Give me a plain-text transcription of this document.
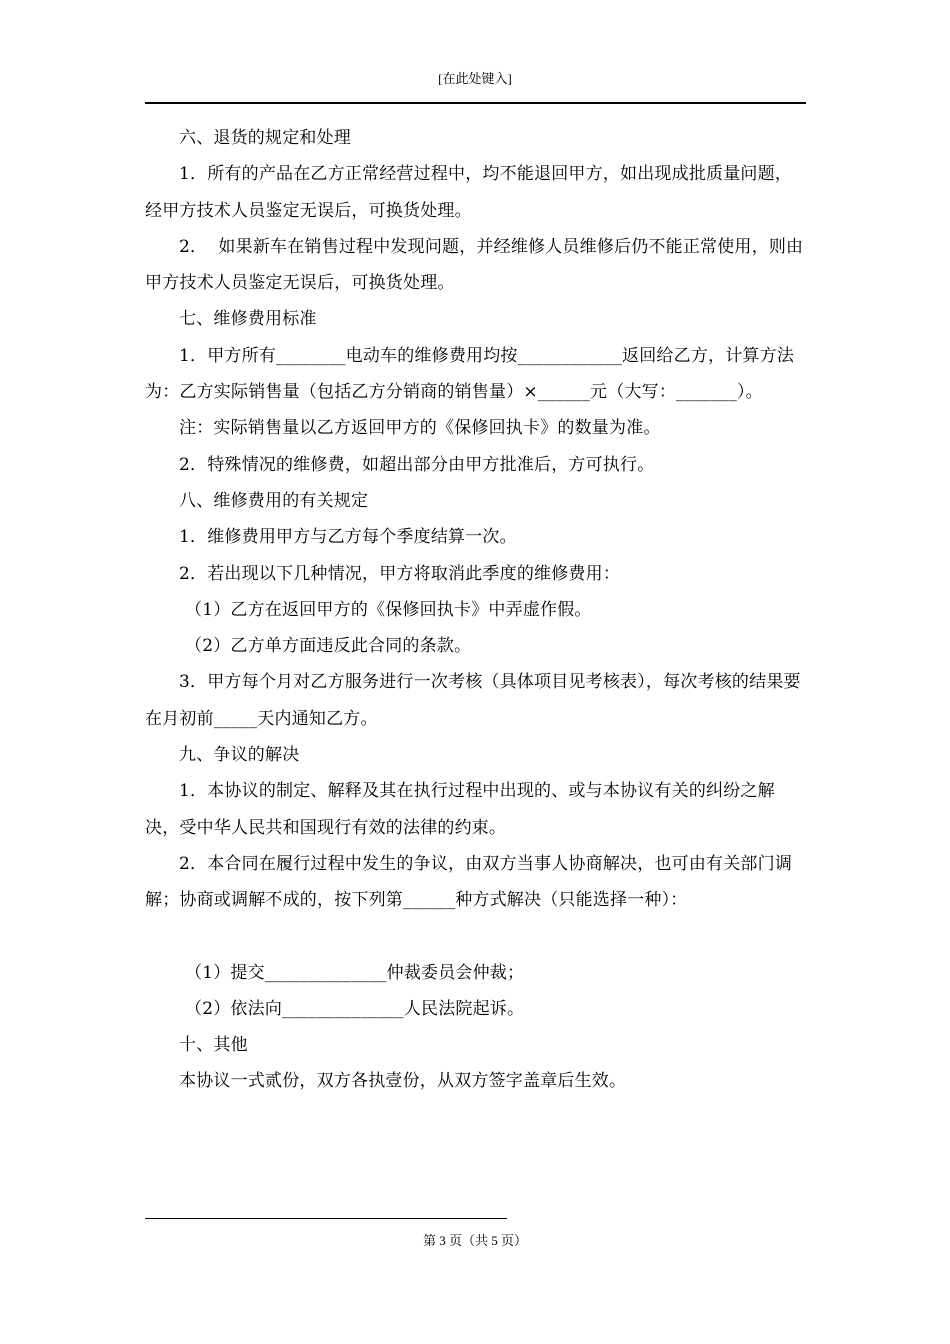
[在此处键入]

六、退货的规定和处理

1．所有的产品在乙方正常经营过程中，均不能退回甲方，如出现成批质量问题，经甲方技术人员鉴定无误后，可换货处理。

2．  如果新车在销售过程中发现问题，并经维修人员维修后仍不能正常使用，则由甲方技术人员鉴定无误后，可换货处理。

七、维修费用标准

1．甲方所有________电动车的维修费用均按____________返回给乙方，计算方法为：乙方实际销售量（包括乙方分销商的销售量）×______元（大写：_______）。

注：实际销售量以乙方返回甲方的《保修回执卡》的数量为准。

2．特殊情况的维修费，如超出部分由甲方批准后，方可执行。

八、维修费用的有关规定

1．维修费用甲方与乙方每个季度结算一次。

2．若出现以下几种情况，甲方将取消此季度的维修费用：

（1）乙方在返回甲方的《保修回执卡》中弄虚作假。

（2）乙方单方面违反此合同的条款。

3．甲方每个月对乙方服务进行一次考核（具体项目见考核表），每次考核的结果要在月初前_____天内通知乙方。

九、争议的解决

1．本协议的制定、解释及其在执行过程中出现的、或与本协议有关的纠纷之解决，受中华人民共和国现行有效的法律的约束。

2．本合同在履行过程中发生的争议，由双方当事人协商解决，也可由有关部门调解；协商或调解不成的，按下列第______种方式解决（只能选择一种）：

（1）提交______________仲裁委员会仲裁；

（2）依法向______________人民法院起诉。

十、其他

本协议一式贰份，双方各执壹份，从双方签字盖章后生效。

第 3 页（共 5 页）
